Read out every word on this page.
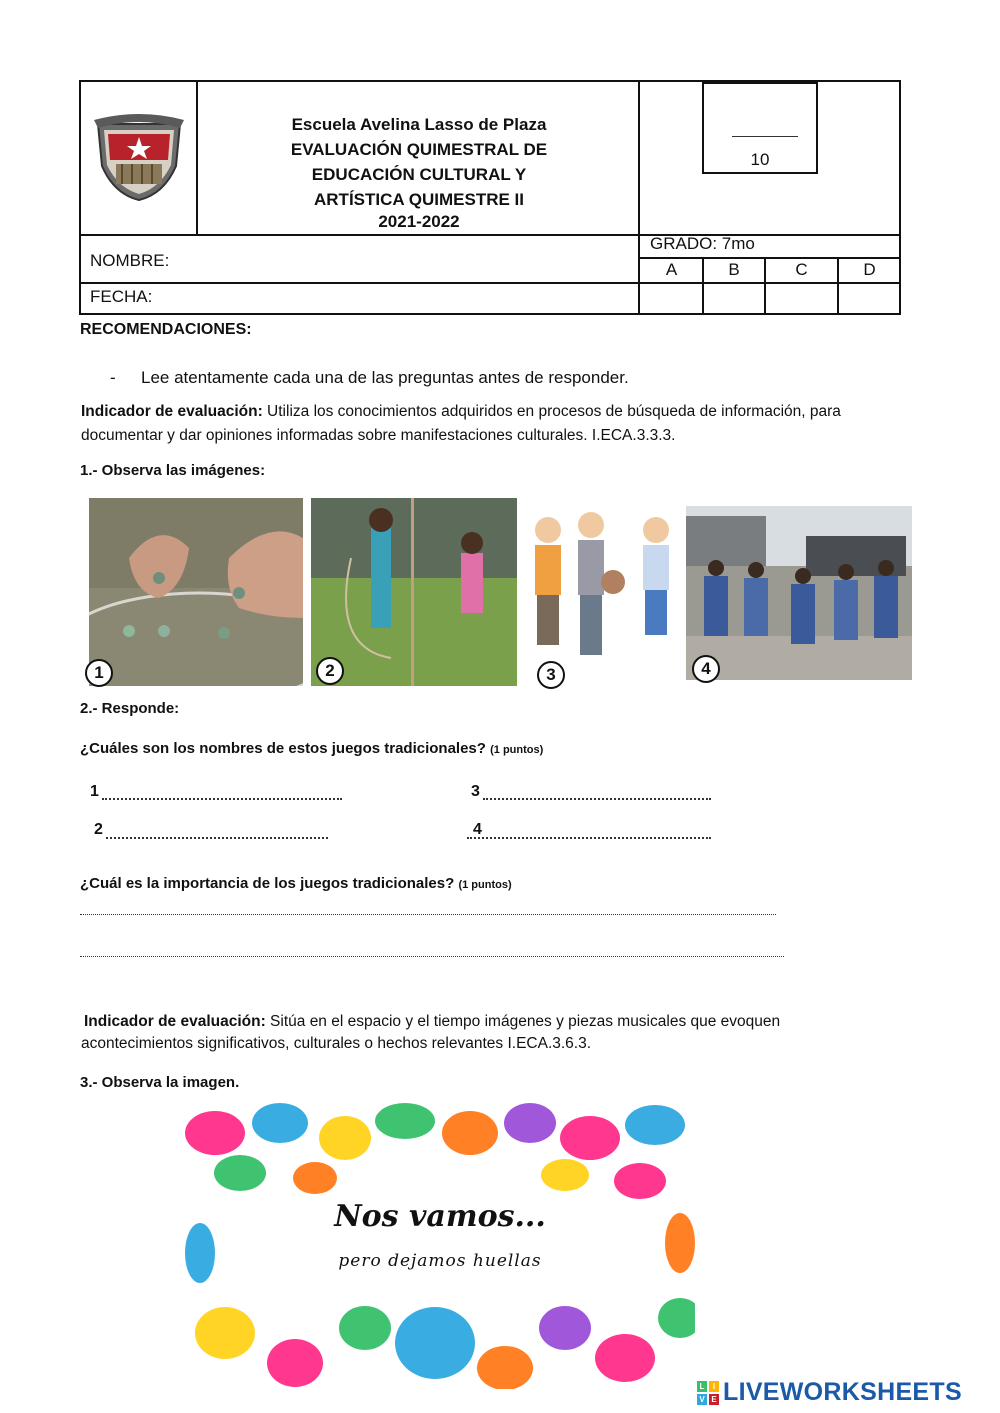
Escuela Avelina Lasso de Plaza
EVALUACIÓN QUIMESTRAL DE
EDUCACIÓN CULTURAL Y
ARTÍSTICA QUIMESTRE II
2021-2022
10
NOMBRE:
FECHA:
GRADO: 7mo
A	B	C	D
RECOMENDACIONES:
- Lee atentamente cada una de las preguntas antes de responder.
Indicador de evaluación: Utiliza los conocimientos adquiridos en procesos de búsqueda de información, para
documentar y dar opiniones informadas sobre manifestaciones culturales. I.ECA.3.3.3.
1.- Observa las imágenes:
1	2	3	4
2.- Responde:
¿Cuáles son los nombres de estos juegos tradicionales? (1 puntos)
1
2
3
4
¿Cuál es la importancia de los juegos tradicionales? (1 puntos)
Indicador de evaluación: Sitúa en el espacio y el tiempo imágenes y piezas musicales que evoquen
acontecimientos significativos, culturales o hechos relevantes I.ECA.3.6.3.
3.- Observa la imagen.
Nos vamos...
pero dejamos huellas
L	I
V E LIVEWORKSHEETS
